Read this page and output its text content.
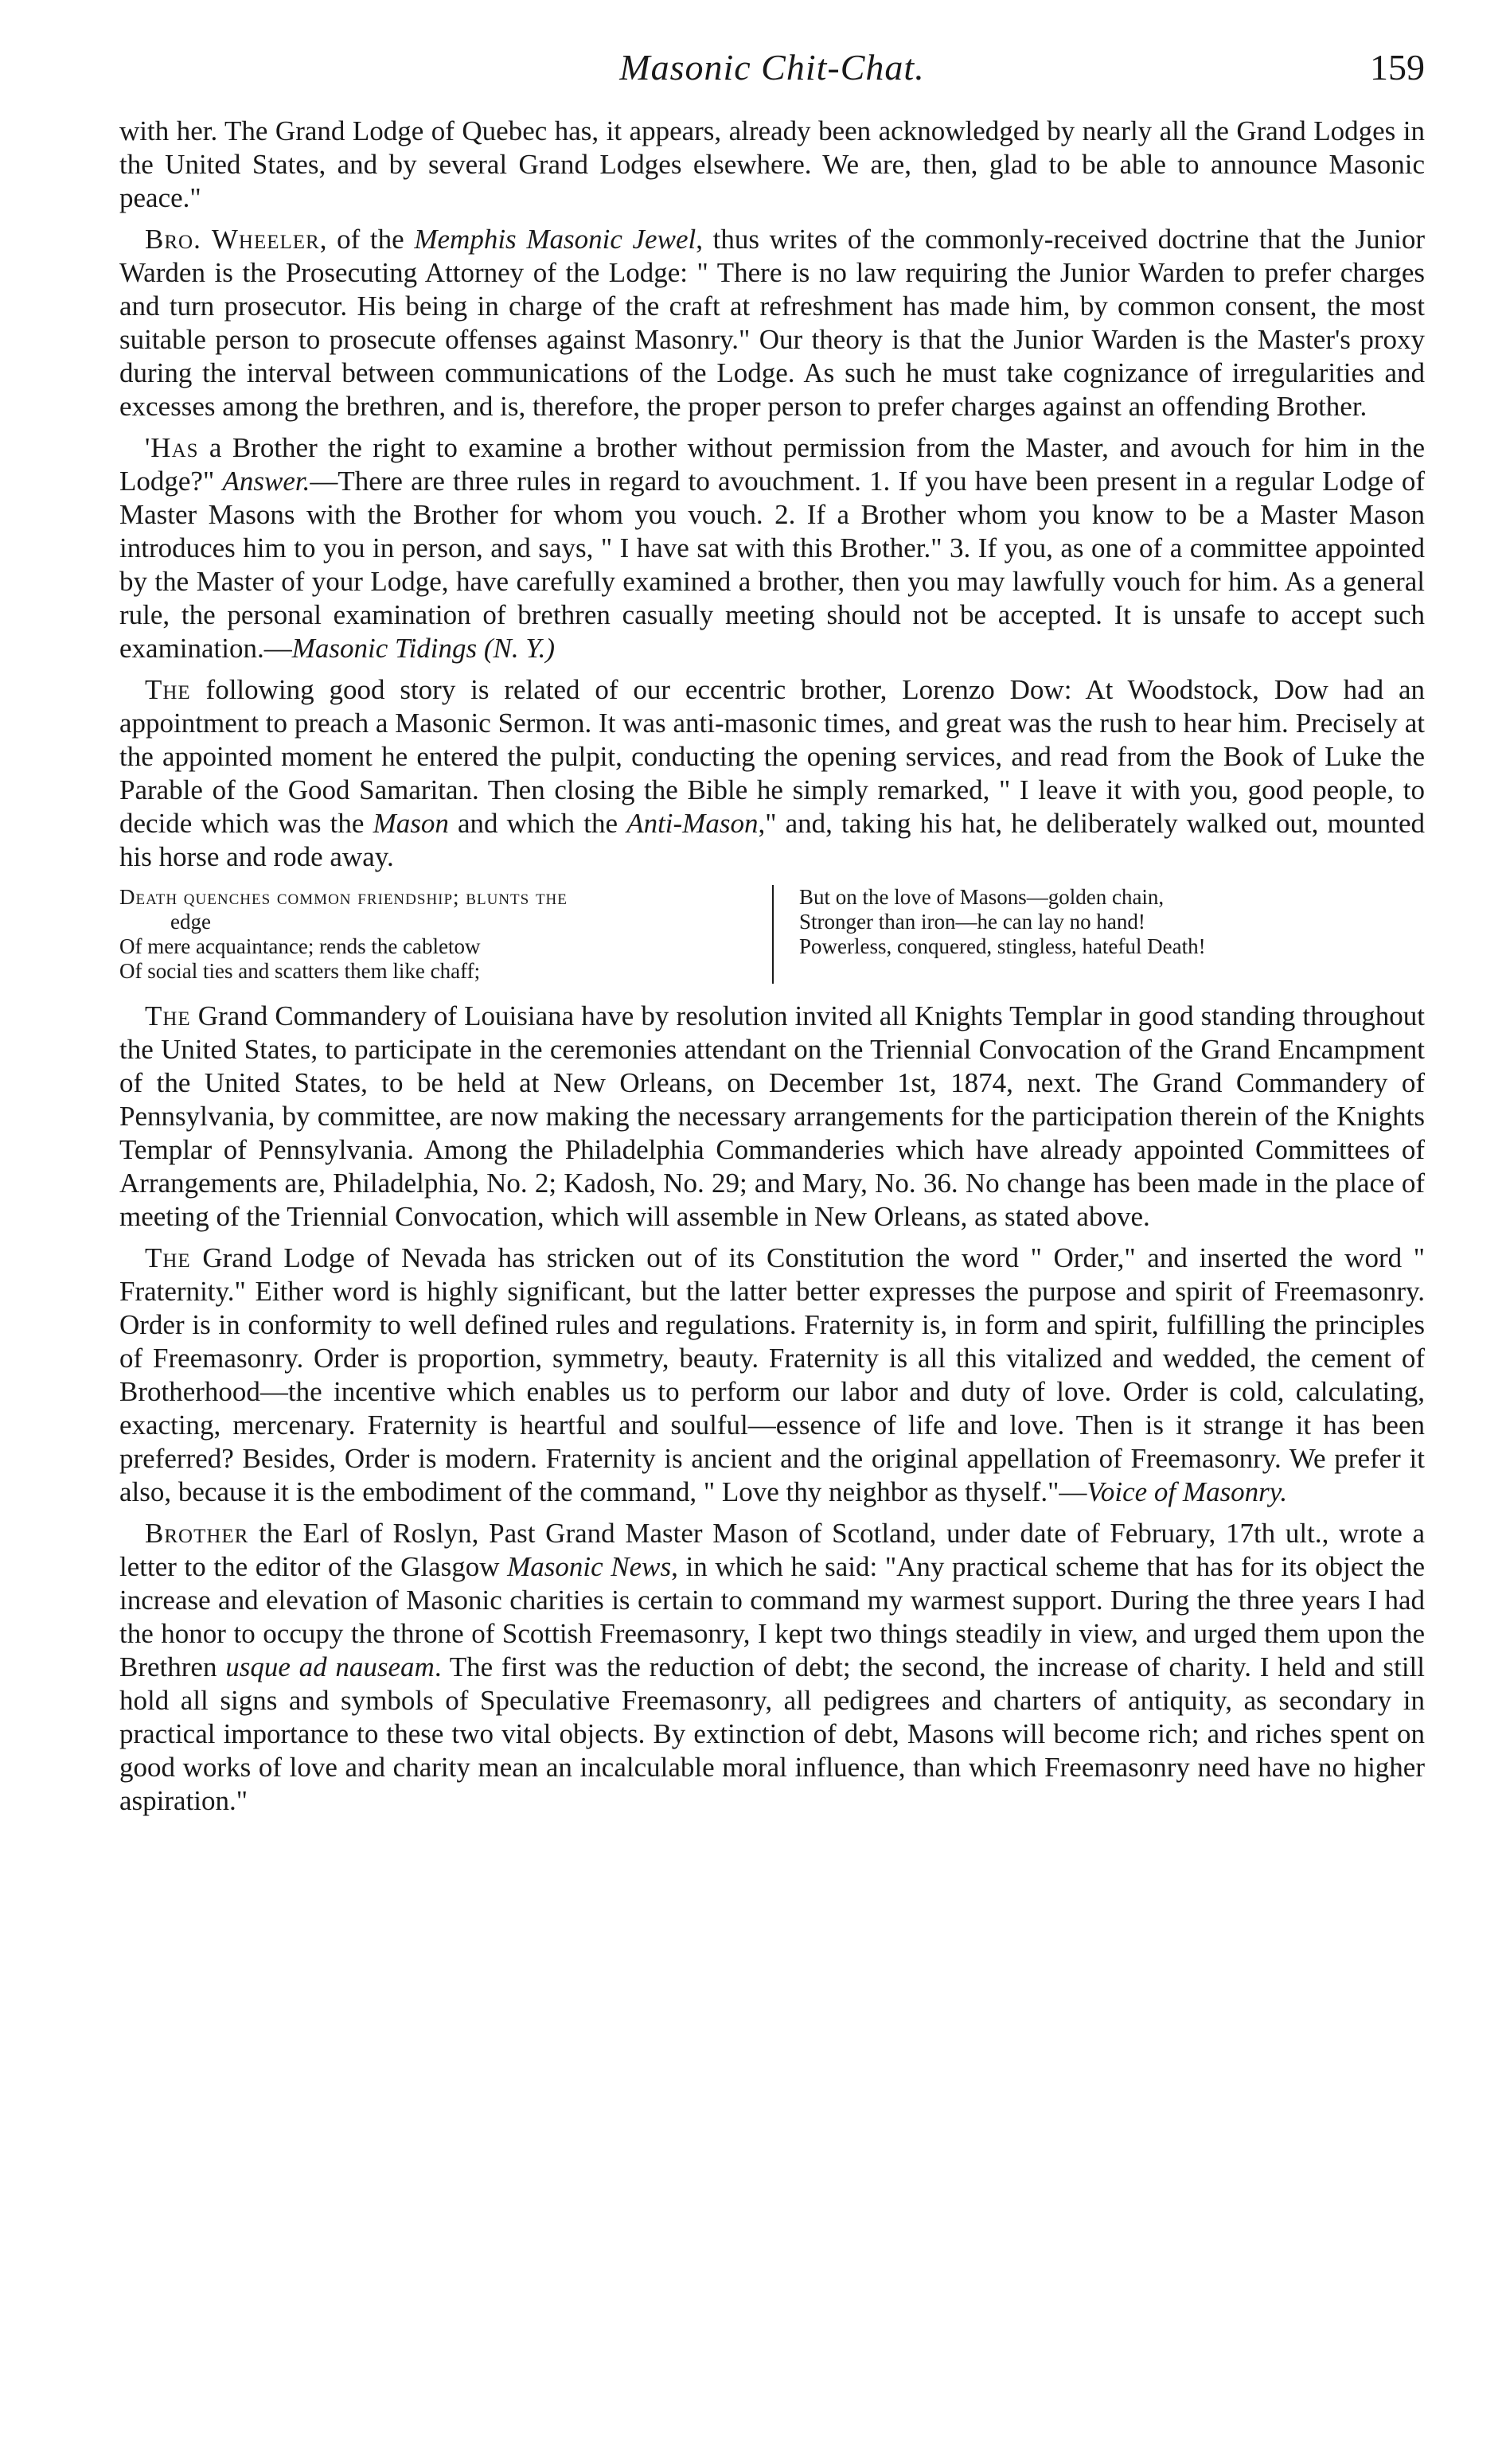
Masonic Chit-Chat.	159

with her. The Grand Lodge of Quebec has, it appears, already been acknowledged by nearly all the Grand Lodges in the United States, and by several Grand Lodges elsewhere. We are, then, glad to be able to announce Masonic peace."

Bro. Wheeler, of the Memphis Masonic Jewel, thus writes of the commonly-received doctrine that the Junior Warden is the Prosecuting Attorney of the Lodge: " There is no law requiring the Junior Warden to prefer charges and turn prosecutor. His being in charge of the craft at refreshment has made him, by common consent, the most suitable person to prosecute offenses against Masonry." Our theory is that the Junior Warden is the Master's proxy during the interval between communications of the Lodge. As such he must take cognizance of irregularities and excesses among the brethren, and is, therefore, the proper person to prefer charges against an offending Brother.

'Has a Brother the right to examine a brother without permission from the Master, and avouch for him in the Lodge?" Answer.—There are three rules in regard to avouchment. 1. If you have been present in a regular Lodge of Master Masons with the Brother for whom you vouch. 2. If a Brother whom you know to be a Master Mason introduces him to you in person, and says, " I have sat with this Brother." 3. If you, as one of a committee appointed by the Master of your Lodge, have carefully examined a brother, then you may lawfully vouch for him. As a general rule, the personal examination of brethren casually meeting should not be accepted. It is unsafe to accept such examination.—Masonic Tidings (N. Y.)

The following good story is related of our eccentric brother, Lorenzo Dow: At Woodstock, Dow had an appointment to preach a Masonic Sermon. It was anti-masonic times, and great was the rush to hear him. Precisely at the appointed moment he entered the pulpit, conducting the opening services, and read from the Book of Luke the Parable of the Good Samaritan. Then closing the Bible he simply remarked, " I leave it with you, good people, to decide which was the Mason and which the Anti-Mason," and, taking his hat, he deliberately walked out, mounted his horse and rode away.

Death quenches common friendship; blunts the
edge
Of mere acquaintance; rends the cabletow
Of social ties and scatters them like chaff;
But on the love of Masons—golden chain,
Stronger than iron—he can lay no hand!
Powerless, conquered, stingless, hateful Death!

The Grand Commandery of Louisiana have by resolution invited all Knights Templar in good standing throughout the United States, to participate in the ceremonies attendant on the Triennial Convocation of the Grand Encampment of the United States, to be held at New Orleans, on December 1st, 1874, next. The Grand Commandery of Pennsylvania, by committee, are now making the necessary arrangements for the participation therein of the Knights Templar of Pennsylvania. Among the Philadelphia Commanderies which have already appointed Committees of Arrangements are, Philadelphia, No. 2; Kadosh, No. 29; and Mary, No. 36. No change has been made in the place of meeting of the Triennial Convocation, which will assemble in New Orleans, as stated above.

The Grand Lodge of Nevada has stricken out of its Constitution the word " Order," and inserted the word " Fraternity." Either word is highly significant, but the latter better expresses the purpose and spirit of Freemasonry. Order is in conformity to well defined rules and regulations. Fraternity is, in form and spirit, fulfilling the principles of Freemasonry. Order is proportion, symmetry, beauty. Fraternity is all this vitalized and wedded, the cement of Brotherhood—the incentive which enables us to perform our labor and duty of love. Order is cold, calculating, exacting, mercenary. Fraternity is heartful and soulful—essence of life and love. Then is it strange it has been preferred? Besides, Order is modern. Fraternity is ancient and the original appellation of Freemasonry. We prefer it also, because it is the embodiment of the command, " Love thy neighbor as thyself."—Voice of Masonry.

Brother the Earl of Roslyn, Past Grand Master Mason of Scotland, under date of February, 17th ult., wrote a letter to the editor of the Glasgow Masonic News, in which he said: "Any practical scheme that has for its object the increase and elevation of Masonic charities is certain to command my warmest support. During the three years I had the honor to occupy the throne of Scottish Freemasonry, I kept two things steadily in view, and urged them upon the Brethren usque ad nauseam. The first was the reduction of debt; the second, the increase of charity. I held and still hold all signs and symbols of Speculative Freemasonry, all pedigrees and charters of antiquity, as secondary in practical importance to these two vital objects. By extinction of debt, Masons will become rich; and riches spent on good works of love and charity mean an incalculable moral influence, than which Freemasonry need have no higher aspiration."
